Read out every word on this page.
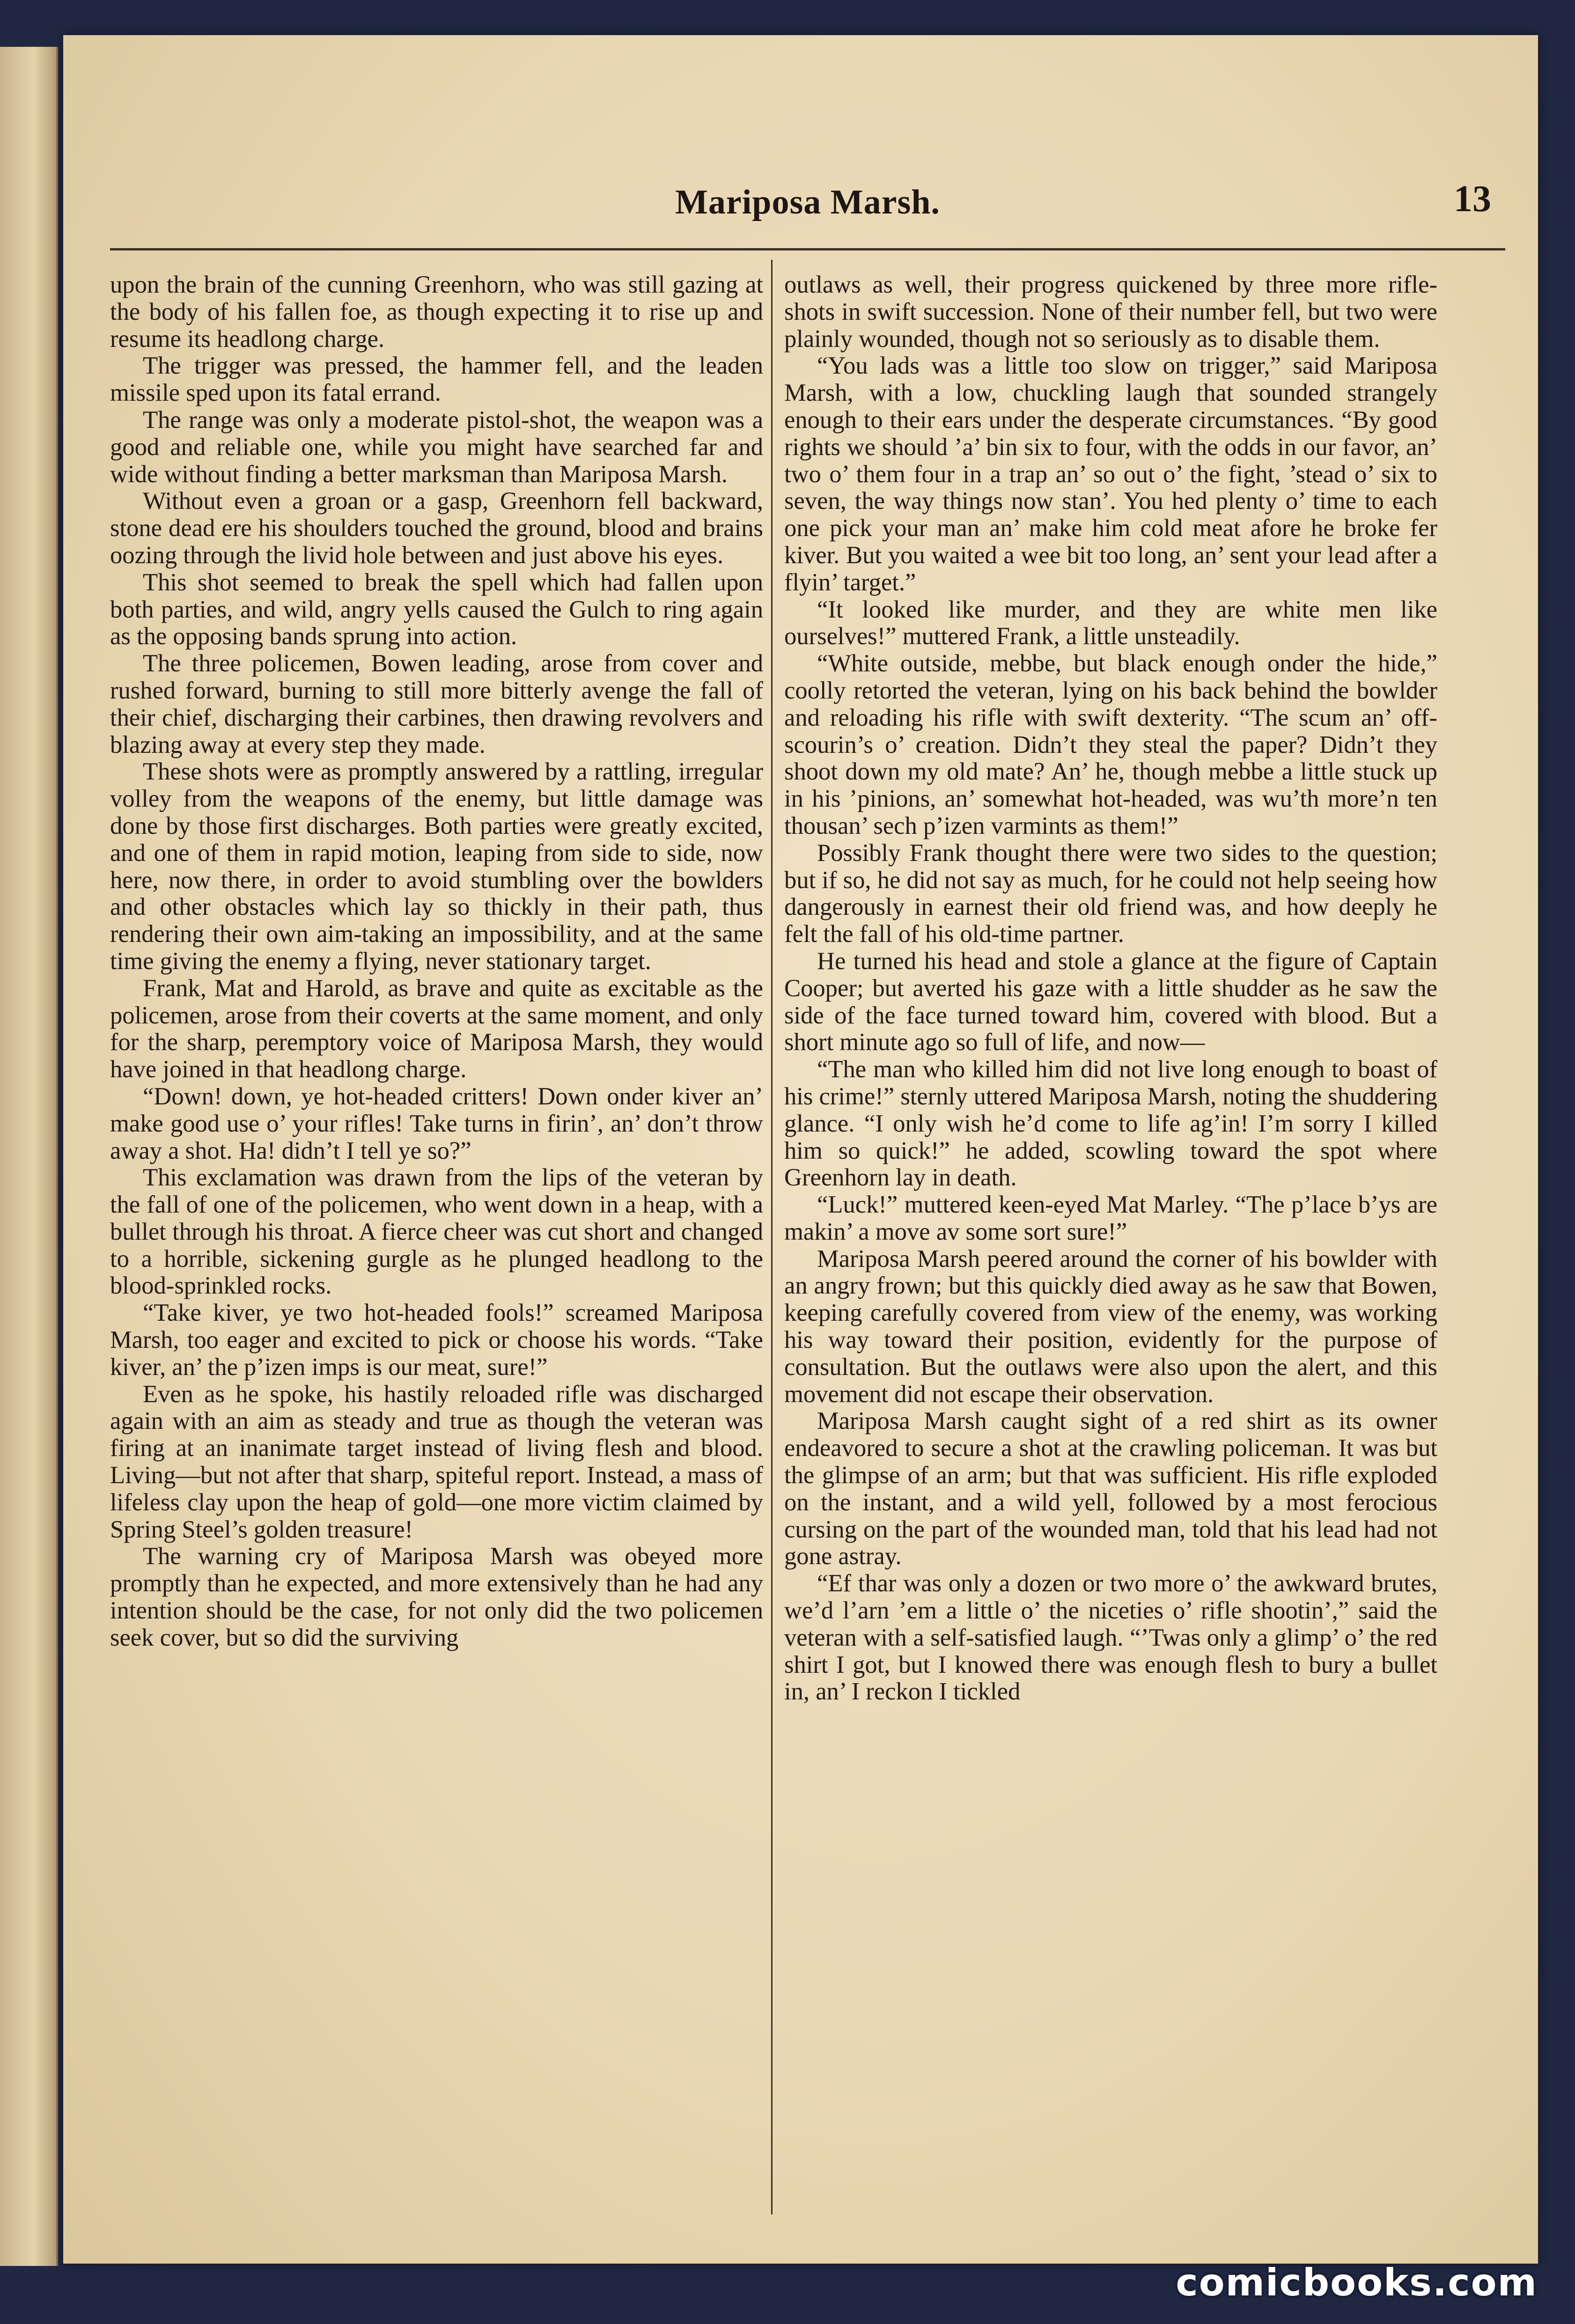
Mariposa Marsh.	13

upon the brain of the cunning Greenhorn, who was still gazing at the body of his fallen foe, as though expecting it to rise up and resume its headlong charge.

The trigger was pressed, the hammer fell, and the leaden missile sped upon its fatal errand.

The range was only a moderate pistol-shot, the weapon was a good and reliable one, while you might have searched far and wide without finding a better marksman than Mariposa Marsh.

Without even a groan or a gasp, Greenhorn fell backward, stone dead ere his shoulders touched the ground, blood and brains oozing through the livid hole between and just above his eyes.

This shot seemed to break the spell which had fallen upon both parties, and wild, angry yells caused the Gulch to ring again as the opposing bands sprung into action.

The three policemen, Bowen leading, arose from cover and rushed forward, burning to still more bitterly avenge the fall of their chief, discharging their carbines, then drawing revolvers and blazing away at every step they made.

These shots were as promptly answered by a rattling, irregular volley from the weapons of the enemy, but little damage was done by those first discharges. Both parties were greatly excited, and one of them in rapid motion, leaping from side to side, now here, now there, in order to avoid stumbling over the bowlders and other obstacles which lay so thickly in their path, thus rendering their own aim-taking an impossibility, and at the same time giving the enemy a flying, never stationary target.

Frank, Mat and Harold, as brave and quite as excitable as the policemen, arose from their coverts at the same moment, and only for the sharp, peremptory voice of Mariposa Marsh, they would have joined in that headlong charge.

“Down! down, ye hot-headed critters! Down onder kiver an’ make good use o’ your rifles! Take turns in firin’, an’ don’t throw away a shot. Ha! didn’t I tell ye so?”

This exclamation was drawn from the lips of the veteran by the fall of one of the policemen, who went down in a heap, with a bullet through his throat. A fierce cheer was cut short and changed to a horrible, sickening gurgle as he plunged headlong to the blood-sprinkled rocks.

“Take kiver, ye two hot-headed fools!” screamed Mariposa Marsh, too eager and excited to pick or choose his words. “Take kiver, an’ the p’izen imps is our meat, sure!”

Even as he spoke, his hastily reloaded rifle was discharged again with an aim as steady and true as though the veteran was firing at an inanimate target instead of living flesh and blood. Living—but not after that sharp, spiteful report. Instead, a mass of lifeless clay upon the heap of gold—one more victim claimed by Spring Steel’s golden treasure!

The warning cry of Mariposa Marsh was obeyed more promptly than he expected, and more extensively than he had any intention should be the case, for not only did the two policemen seek cover, but so did the surviving

outlaws as well, their progress quickened by three more rifle-shots in swift succession. None of their number fell, but two were plainly wounded, though not so seriously as to disable them.

“You lads was a little too slow on trigger,” said Mariposa Marsh, with a low, chuckling laugh that sounded strangely enough to their ears under the desperate circumstances. “By good rights we should ’a’ bin six to four, with the odds in our favor, an’ two o’ them four in a trap an’ so out o’ the fight, ’stead o’ six to seven, the way things now stan’. You hed plenty o’ time to each one pick your man an’ make him cold meat afore he broke fer kiver. But you waited a wee bit too long, an’ sent your lead after a flyin’ target.”

“It looked like murder, and they are white men like ourselves!” muttered Frank, a little unsteadily.

“White outside, mebbe, but black enough onder the hide,” coolly retorted the veteran, lying on his back behind the bowlder and reloading his rifle with swift dexterity. “The scum an’ off-scourin’s o’ creation. Didn’t they steal the paper? Didn’t they shoot down my old mate? An’ he, though mebbe a little stuck up in his ’pinions, an’ somewhat hot-headed, was wu’th more’n ten thousan’ sech p’izen varmints as them!”

Possibly Frank thought there were two sides to the question; but if so, he did not say as much, for he could not help seeing how dangerously in earnest their old friend was, and how deeply he felt the fall of his old-time partner.

He turned his head and stole a glance at the figure of Captain Cooper; but averted his gaze with a little shudder as he saw the side of the face turned toward him, covered with blood. But a short minute ago so full of life, and now—

“The man who killed him did not live long enough to boast of his crime!” sternly uttered Mariposa Marsh, noting the shuddering glance. “I only wish he’d come to life ag’in! I’m sorry I killed him so quick!” he added, scowling toward the spot where Greenhorn lay in death.

“Luck!” muttered keen-eyed Mat Marley. “The p’lace b’ys are makin’ a move av some sort sure!”

Mariposa Marsh peered around the corner of his bowlder with an angry frown; but this quickly died away as he saw that Bowen, keeping carefully covered from view of the enemy, was working his way toward their position, evidently for the purpose of consultation. But the outlaws were also upon the alert, and this movement did not escape their observation.

Mariposa Marsh caught sight of a red shirt as its owner endeavored to secure a shot at the crawling policeman. It was but the glimpse of an arm; but that was sufficient. His rifle exploded on the instant, and a wild yell, followed by a most ferocious cursing on the part of the wounded man, told that his lead had not gone astray.

“Ef thar was only a dozen or two more o’ the awkward brutes, we’d l’arn ’em a little o’ the niceties o’ rifle shootin’,” said the veteran with a self-satisfied laugh. “’Twas only a glimp’ o’ the red shirt I got, but I knowed there was enough flesh to bury a bullet in, an’ I reckon I tickled

comicbooks.com
